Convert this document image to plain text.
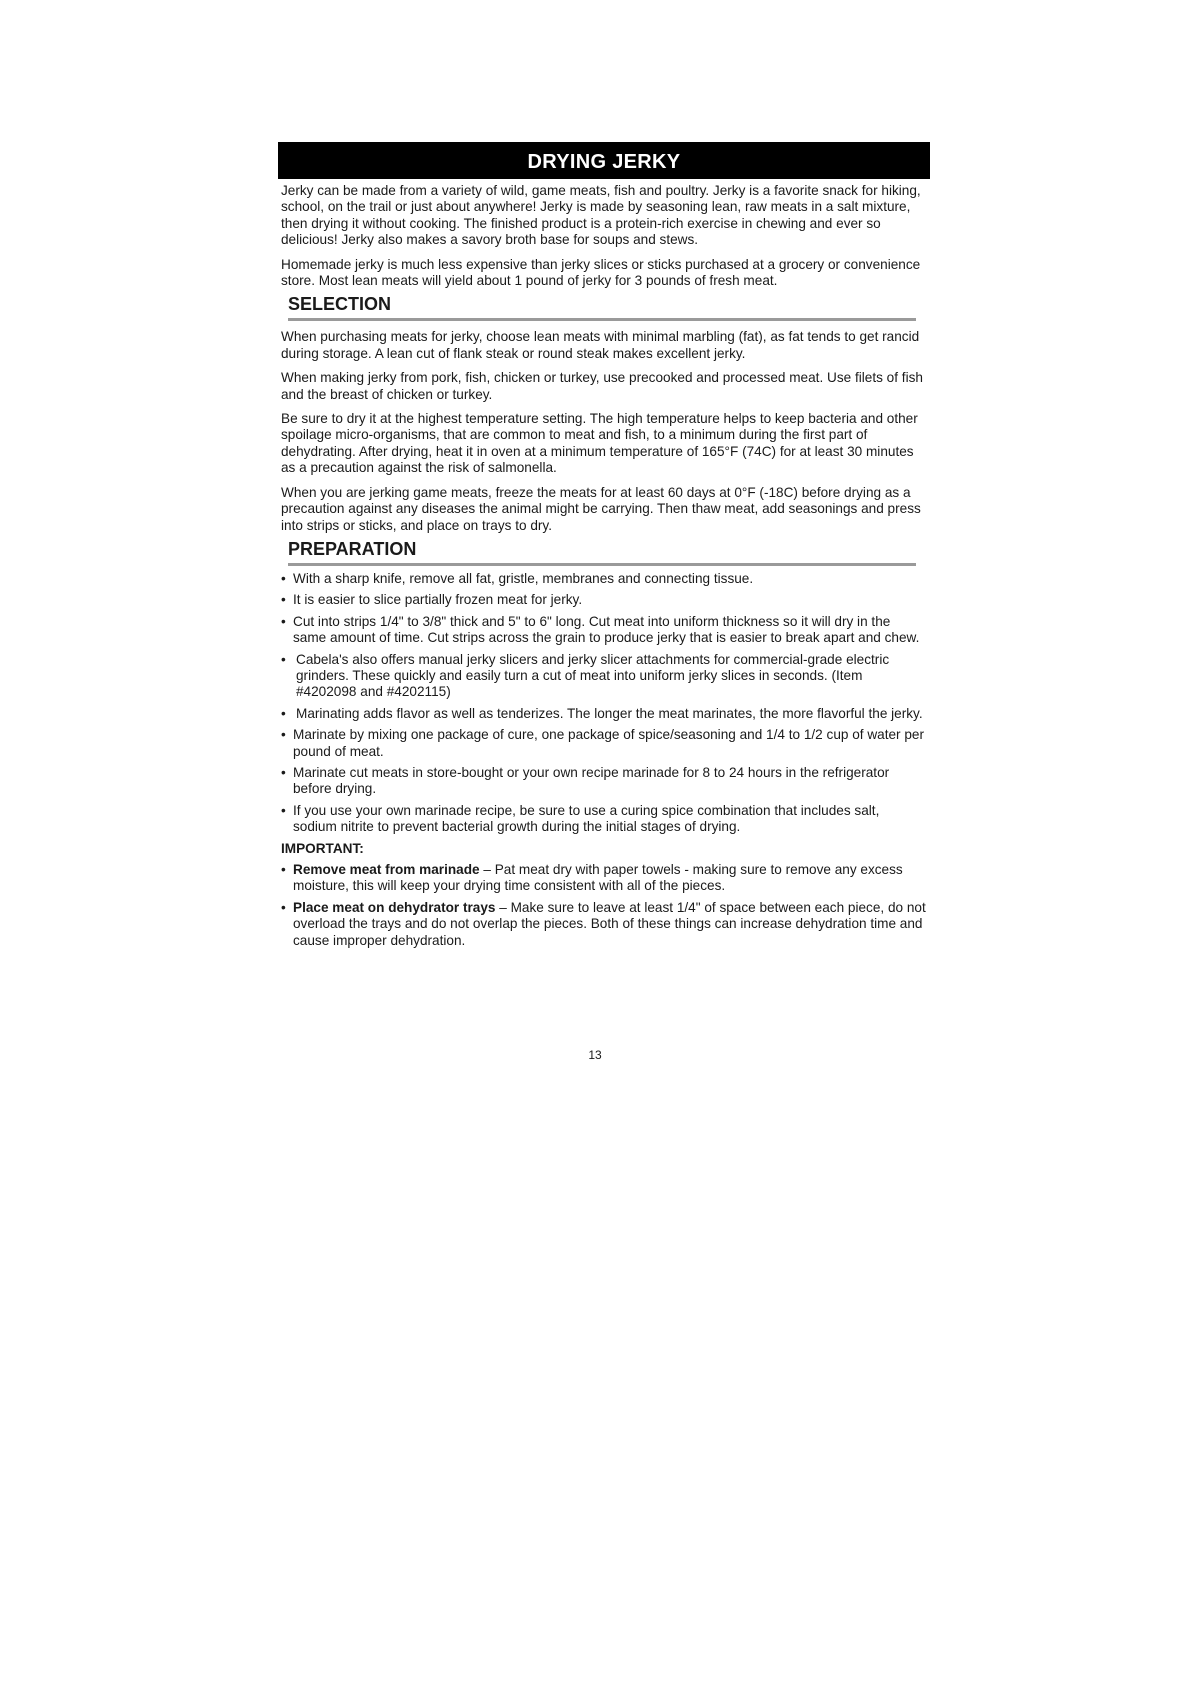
DRYING JERKY

Jerky can be made from a variety of wild, game meats, fish and poultry. Jerky is a favorite snack for hiking, school, on the trail or just about anywhere! Jerky is made by seasoning lean, raw meats in a salt mixture, then drying it without cooking. The finished product is a protein-rich exercise in chewing and ever so delicious! Jerky also makes a savory broth base for soups and stews.

Homemade jerky is much less expensive than jerky slices or sticks purchased at a grocery or convenience store. Most lean meats will yield about 1 pound of jerky for 3 pounds of fresh meat.

SELECTION

When purchasing meats for jerky, choose lean meats with minimal marbling (fat), as fat tends to get rancid during storage. A lean cut of flank steak or round steak makes excellent jerky.

When making jerky from pork, fish, chicken or turkey, use precooked and processed meat. Use filets of fish and the breast of chicken or turkey.

Be sure to dry it at the highest temperature setting. The high temperature helps to keep bacteria and other spoilage micro-organisms, that are common to meat and fish, to a minimum during the first part of dehydrating. After drying, heat it in oven at a minimum temperature of 165°F (74C) for at least 30 minutes as a precaution against the risk of salmonella.

When you are jerking game meats, freeze the meats for at least 60 days at 0°F (-18C) before drying as a precaution against any diseases the animal might be carrying. Then thaw meat, add seasonings and press into strips or sticks, and place on trays to dry.

PREPARATION
• With a sharp knife, remove all fat, gristle, membranes and connecting tissue.
• It is easier to slice partially frozen meat for jerky.
• Cut into strips 1/4" to 3/8" thick and 5" to 6" long. Cut meat into uniform thickness so it will dry in the same amount of time. Cut strips across the grain to produce jerky that is easier to break apart and chew.
• Cabela's also offers manual jerky slicers and jerky slicer attachments for commercial-grade electric grinders. These quickly and easily turn a cut of meat into uniform jerky slices in seconds. (Item #4202098 and #4202115)
• Marinating adds flavor as well as tenderizes. The longer the meat marinates, the more flavorful the jerky.
• Marinate by mixing one package of cure, one package of spice/seasoning and 1/4 to 1/2 cup of water per pound of meat.
• Marinate cut meats in store-bought or your own recipe marinade for 8 to 24 hours in the refrigerator before drying.
• If you use your own marinade recipe, be sure to use a curing spice combination that includes salt, sodium nitrite to prevent bacterial growth during the initial stages of drying.

IMPORTANT:

• Remove meat from marinade – Pat meat dry with paper towels - making sure to remove any excess moisture, this will keep your drying time consistent with all of the pieces.
• Place meat on dehydrator trays – Make sure to leave at least 1/4" of space between each piece, do not overload the trays and do not overlap the pieces. Both of these things can increase dehydration time and cause improper dehydration.
13
